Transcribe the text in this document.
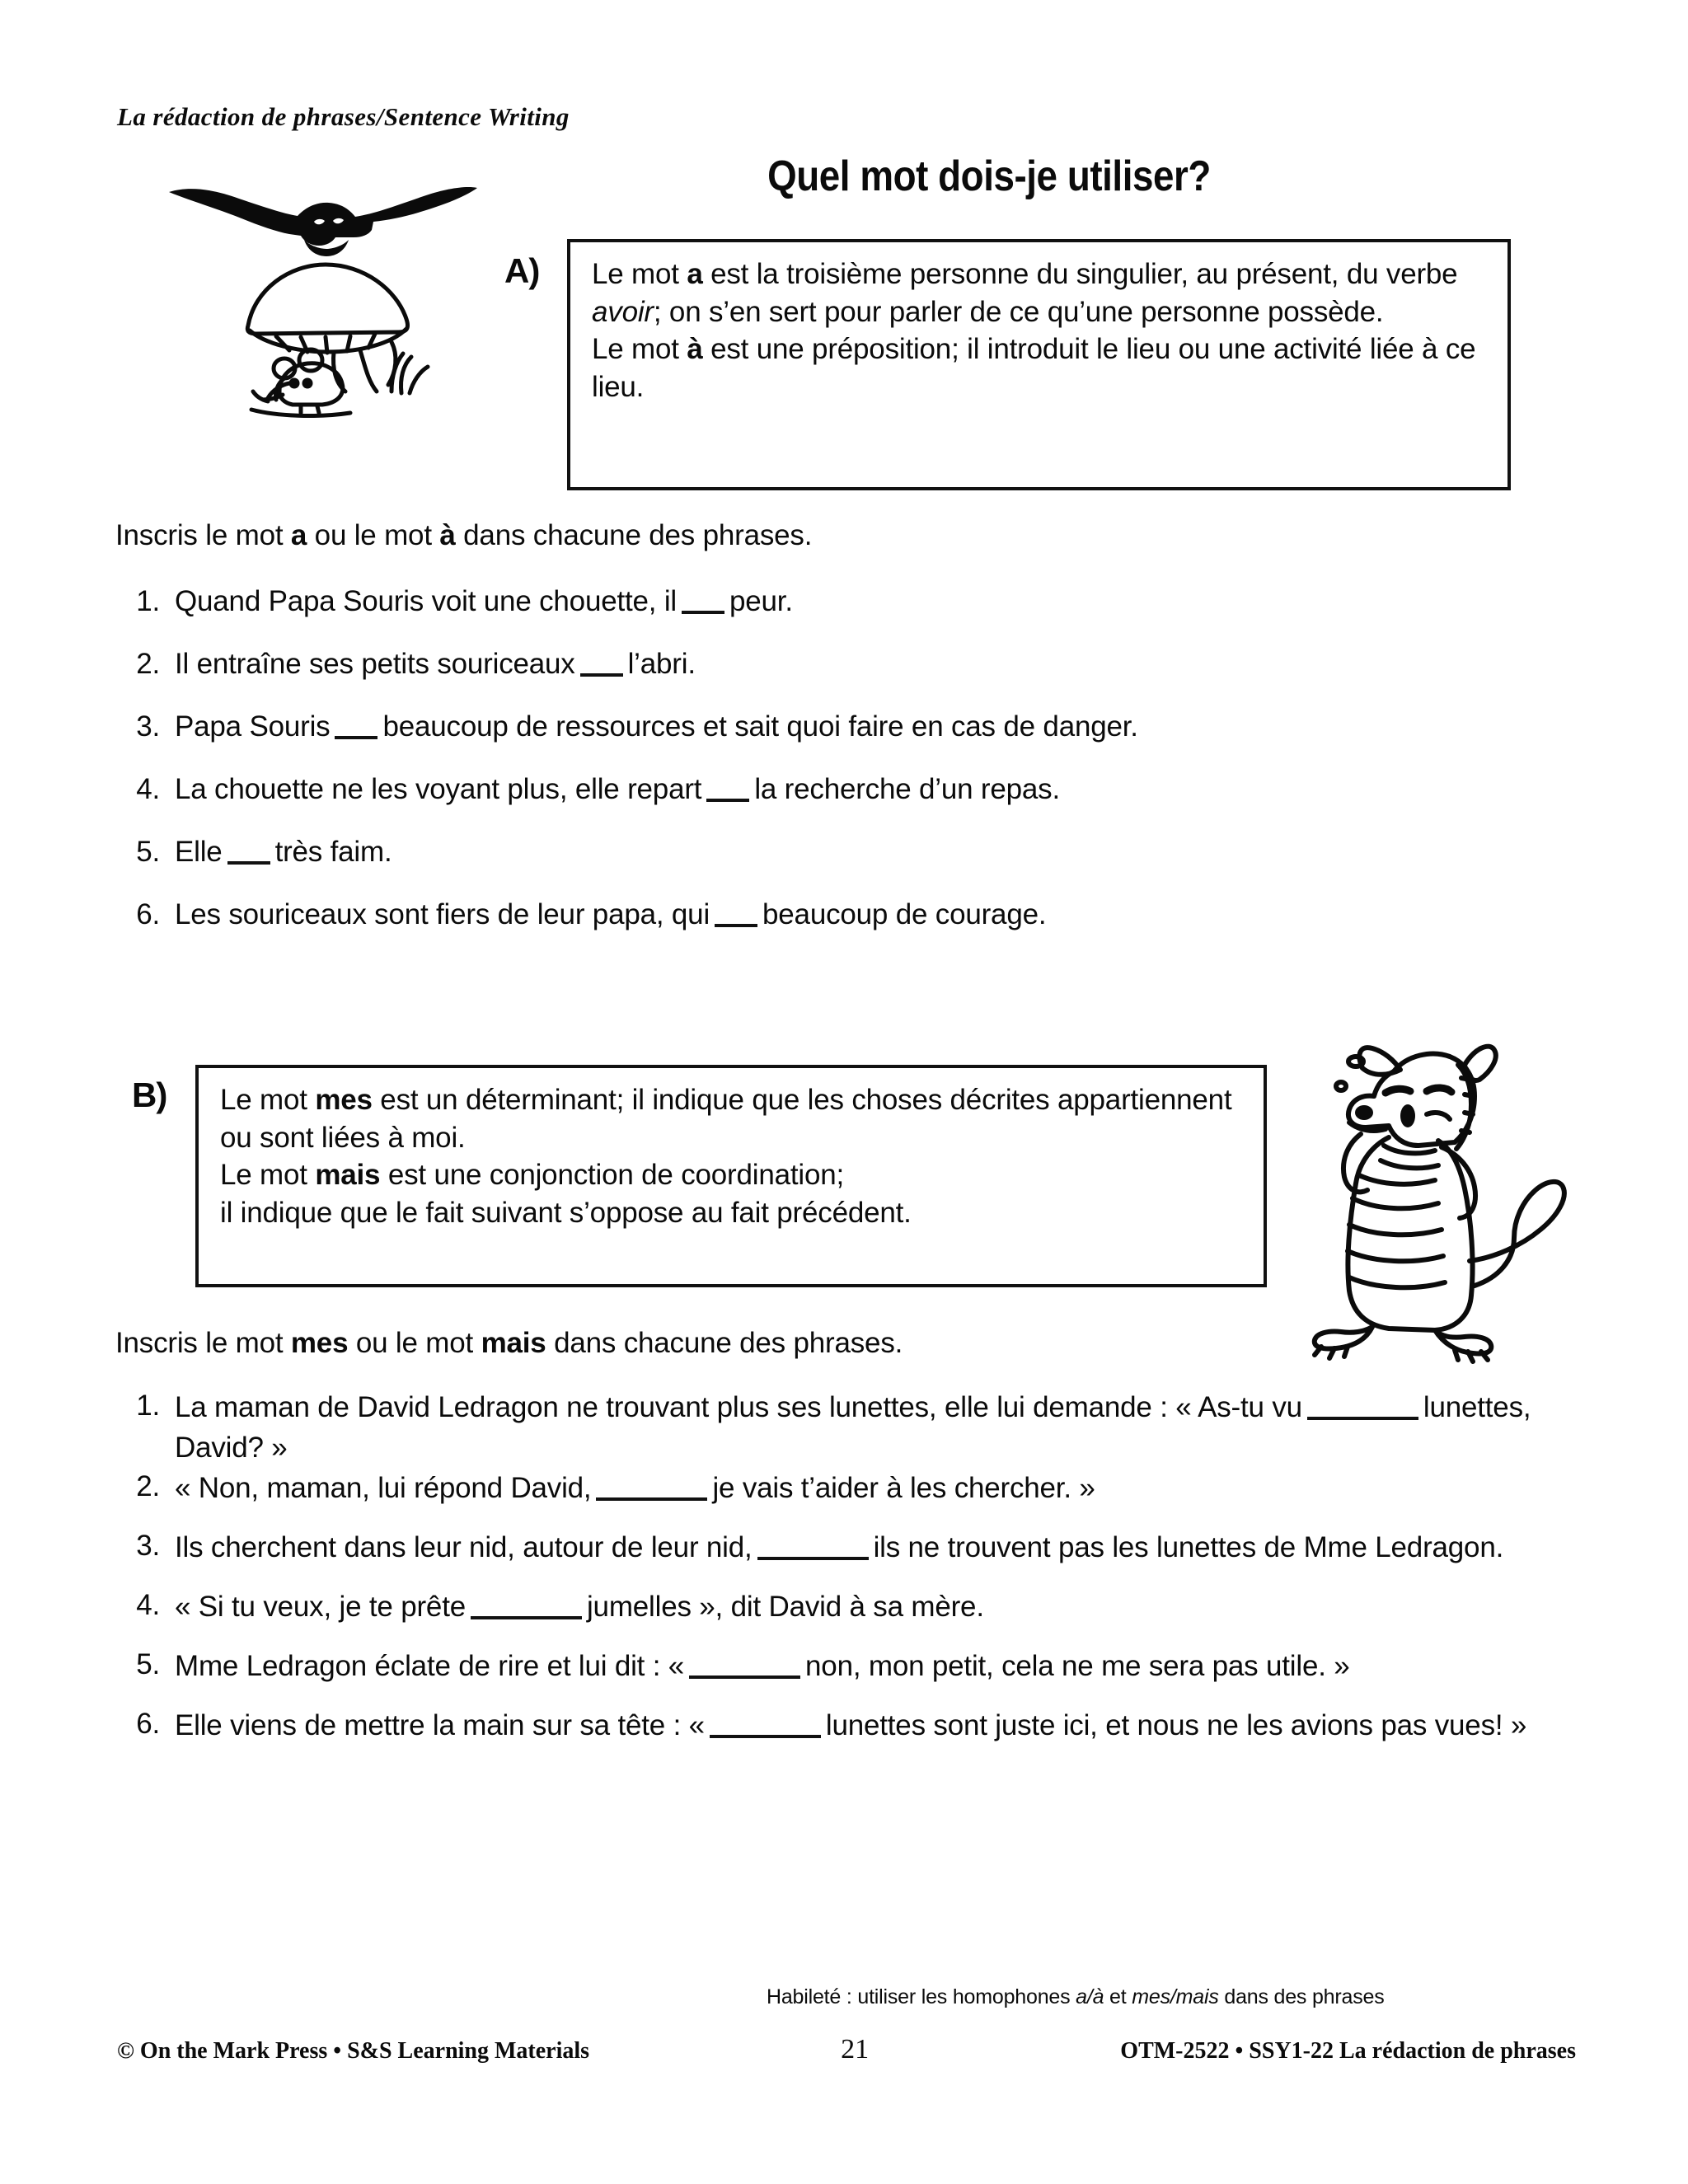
La rédaction de phrases/Sentence Writing
Quel mot dois-je utiliser?
A) Le mot a est la troisième personne du singulier, au présent, du verbe avoir; on s’en sert pour parler de ce qu’une personne possède.

Le mot à est une préposition; il introduit le lieu ou une activité liée à ce lieu.

Inscris le mot a ou le mot à dans chacune des phrases.
1. Quand Papa Souris voit une chouette, il peur.
2. Il entraîne ses petits souriceaux l’abri.
3. Papa Souris beaucoup de ressources et sait quoi faire en cas de danger.
4. La chouette ne les voyant plus, elle repart la recherche d’un repas.
5. Elle très faim.
6. Les souriceaux sont fiers de leur papa, qui beaucoup de courage.
B) Le mot mes est un déterminant; il indique que les choses décrites appartiennent ou sont liées à moi.

Le mot mais est une conjonction de coordination;

il indique que le fait suivant s’oppose au fait précédent.

Inscris le mot mes ou le mot mais dans chacune des phrases.
1. La maman de David Ledragon ne trouvant plus ses lunettes, elle lui demande : « As-tu vu	lunettes, David? »
2. « Non, maman, lui répond David,	je vais t’aider à les chercher. »
3. Ils cherchent dans leur nid, autour de leur nid,	ils ne trouvent pas les lunettes de Mme Ledragon.
4. « Si tu veux, je te prête	jumelles », dit David à sa mère.
5. Mme Ledragon éclate de rire et lui dit : «	non, mon petit, cela ne me sera pas utile. »
6. Elle viens de mettre la main sur sa tête : «	lunettes sont juste ici, et nous ne les avions pas vues! »
Habileté : utiliser les homophones a/à et mes/mais dans des phrases
© On the Mark Press • S&S Learning Materials	21	OTM-2522 • SSY1-22 La rédaction de phrases
